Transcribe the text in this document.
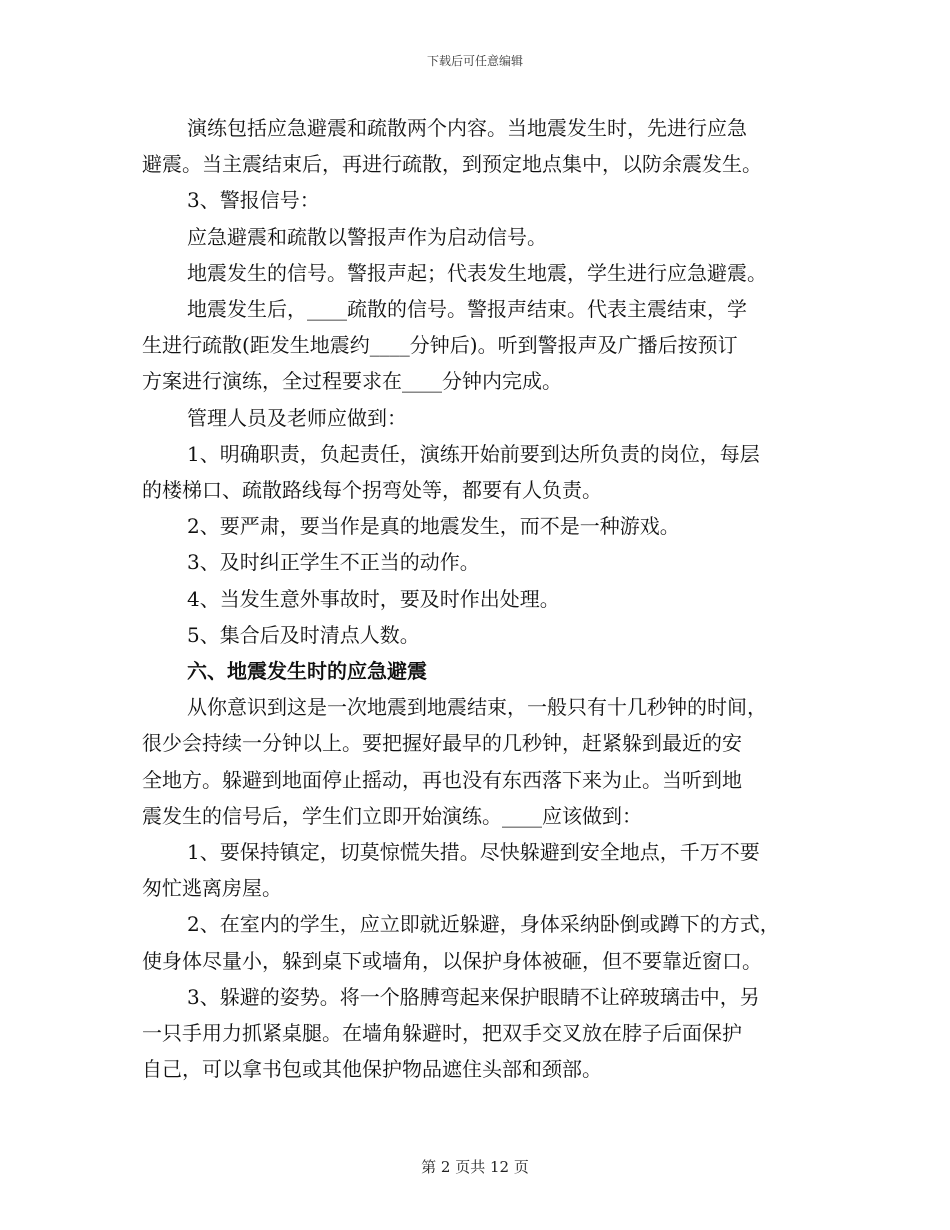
下载后可任意编辑

演练包括应急避震和疏散两个内容。当地震发生时，先进行应急

避震。当主震结束后，再进行疏散，到预定地点集中，以防余震发生。

3、警报信号：

应急避震和疏散以警报声作为启动信号。

地震发生的信号。警报声起；代表发生地震，学生进行应急避震。

地震发生后，____疏散的信号。警报声结束。代表主震结束，学

生进行疏散(距发生地震约____分钟后)。听到警报声及广播后按预订

方案进行演练，全过程要求在____分钟内完成。

管理人员及老师应做到：

1、明确职责，负起责任，演练开始前要到达所负责的岗位，每层

的楼梯口、疏散路线每个拐弯处等，都要有人负责。

2、要严肃，要当作是真的地震发生，而不是一种游戏。

3、及时纠正学生不正当的动作。

4、当发生意外事故时，要及时作出处理。

5、集合后及时清点人数。

六、地震发生时的应急避震

从你意识到这是一次地震到地震结束，一般只有十几秒钟的时间，

很少会持续一分钟以上。要把握好最早的几秒钟，赶紧躲到最近的安

全地方。躲避到地面停止摇动，再也没有东西落下来为止。当听到地

震发生的信号后，学生们立即开始演练。____应该做到：

1、要保持镇定，切莫惊慌失措。尽快躲避到安全地点，千万不要

匆忙逃离房屋。

2、在室内的学生，应立即就近躲避，身体采纳卧倒或蹲下的方式，

使身体尽量小，躲到桌下或墙角，以保护身体被砸，但不要靠近窗口。

3、躲避的姿势。将一个胳膊弯起来保护眼睛不让碎玻璃击中，另

一只手用力抓紧桌腿。在墙角躲避时，把双手交叉放在脖子后面保护

自己，可以拿书包或其他保护物品遮住头部和颈部。

第 2 页共 12 页
